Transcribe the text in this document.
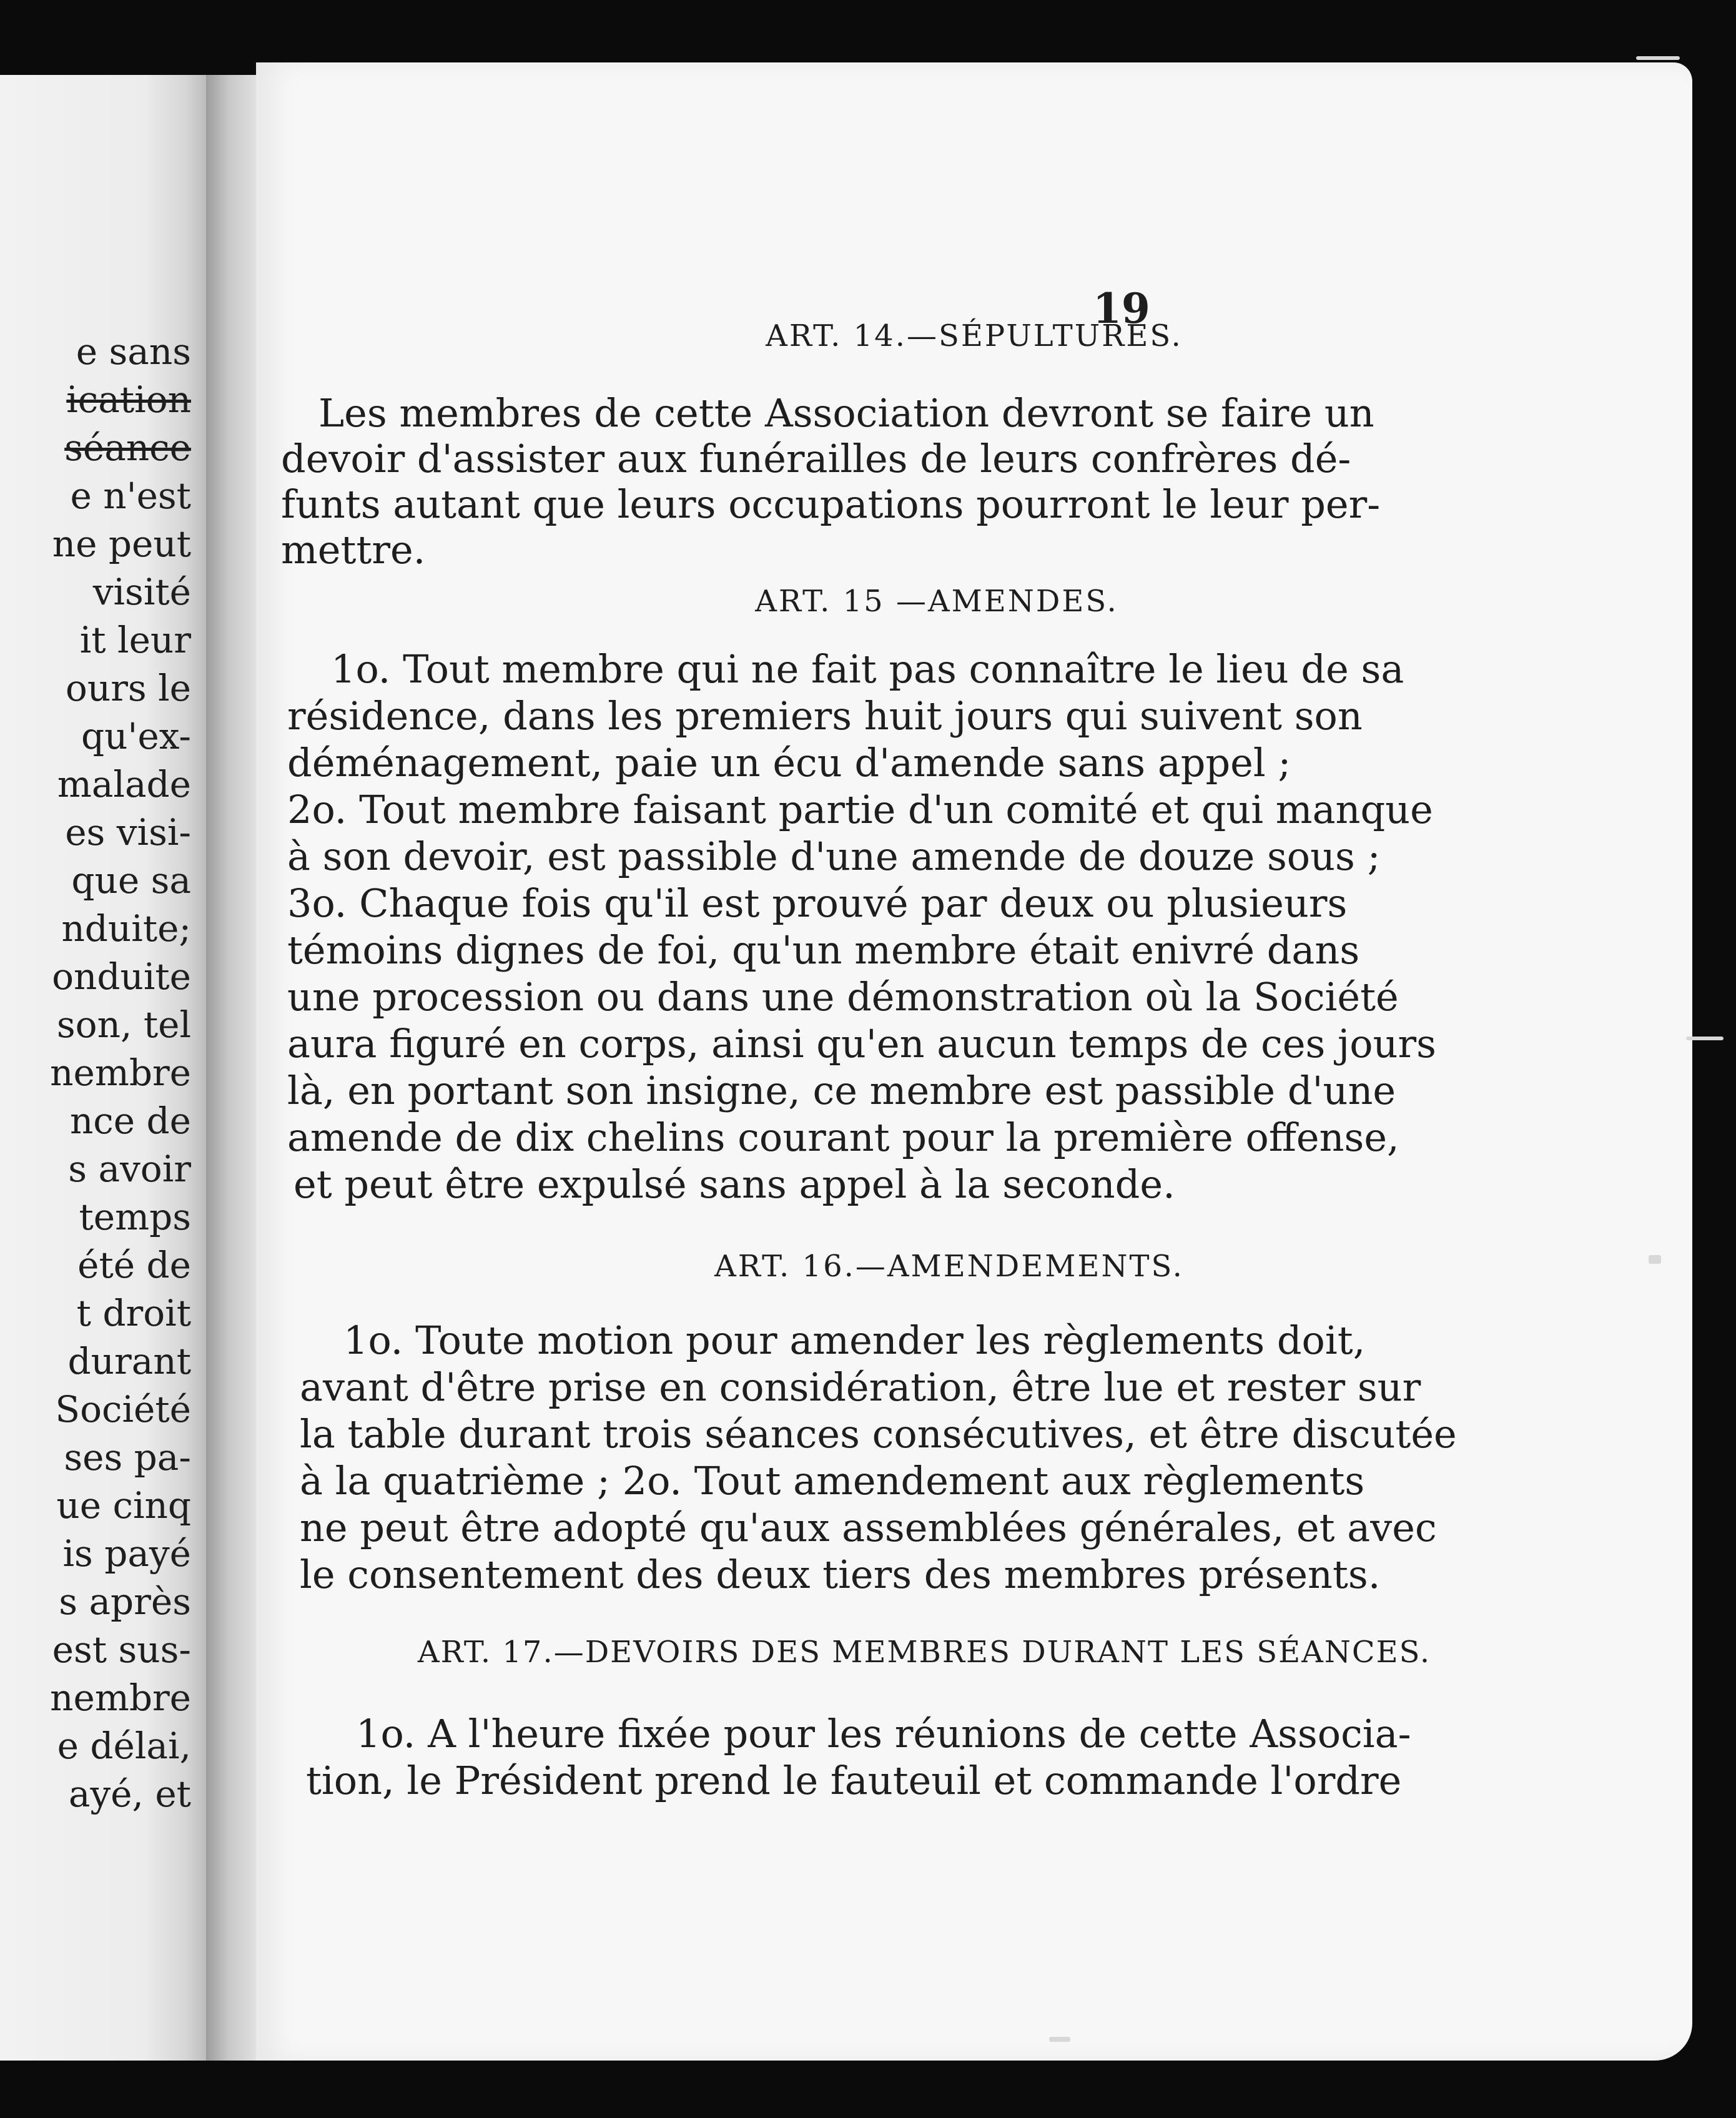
e sans
ication
séance
e n'est
ne peut
visité
it leur
ours le
qu'ex-
malade
es visi-
que sa
nduite;
onduite
son, tel
nembre
nce de
s avoir
temps
été de
t droit
durant
Société
ses pa-
ue cinq
is payé
s après
est sus-
nembre
e délai,
ayé, et
19
ART. 14.—SÉPULTURES.
Les membres de cette Association devront se faire un
devoir d'assister aux funérailles de leurs confrères dé-
funts autant que leurs occupations pourront le leur per-
mettre.
ART. 15 —AMENDES.
1o. Tout membre qui ne fait pas connaître le lieu de sa
résidence, dans les premiers huit jours qui suivent son
déménagement, paie un écu d'amende sans appel ;
2o. Tout membre faisant partie d'un comité et qui manque
à son devoir, est passible d'une amende de douze sous ;
3o. Chaque fois qu'il est prouvé par deux ou plusieurs
témoins dignes de foi, qu'un membre était enivré dans
une procession ou dans une démonstration où la Société
aura figuré en corps, ainsi qu'en aucun temps de ces jours
là, en portant son insigne, ce membre est passible d'une
amende de dix chelins courant pour la première offense,
et peut être expulsé sans appel à la seconde.
ART. 16.—AMENDEMENTS.
1o. Toute motion pour amender les règlements doit,
avant d'être prise en considération, être lue et rester sur
la table durant trois séances consécutives, et être discutée
à la quatrième ; 2o. Tout amendement aux règlements
ne peut être adopté qu'aux assemblées générales, et avec
le consentement des deux tiers des membres présents.
ART. 17.—DEVOIRS DES MEMBRES DURANT LES SÉANCES.
1o. A l'heure fixée pour les réunions de cette Associa-
tion, le Président prend le fauteuil et commande l'ordre
